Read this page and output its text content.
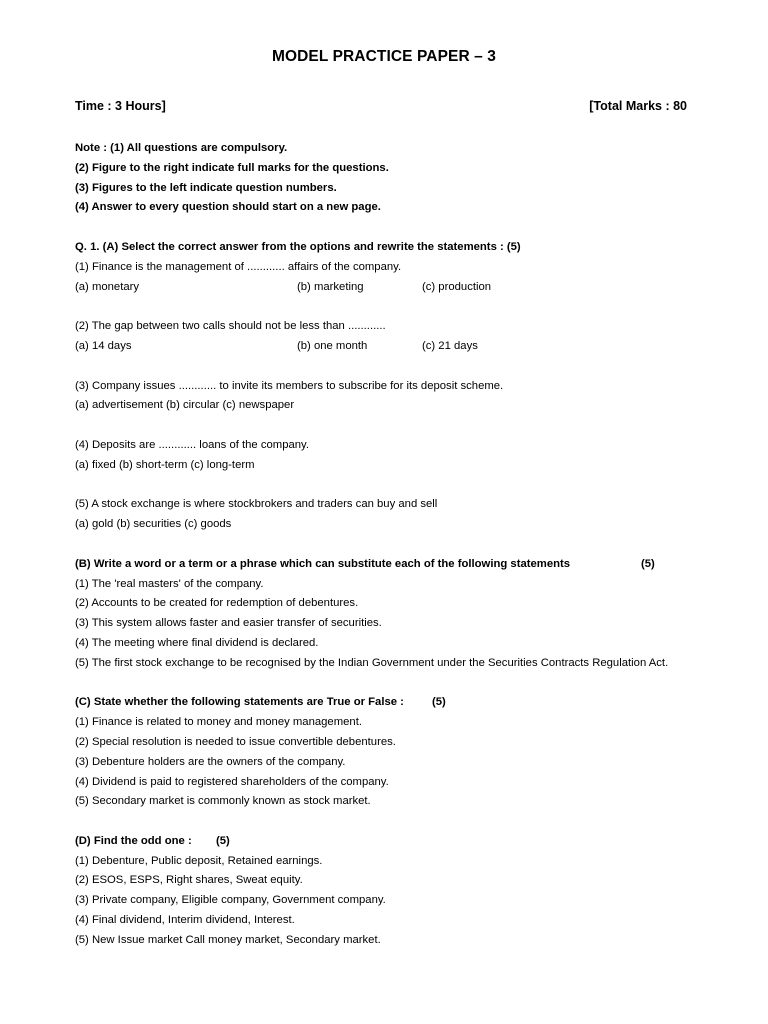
MODEL PRACTICE PAPER – 3
Time : 3 Hours]	[Total Marks : 80
Note : (1) All questions are compulsory.
(2) Figure to the right indicate full marks for the questions.
(3) Figures to the left indicate question numbers.
(4) Answer to every question should start on a new page.
Q. 1. (A) Select the correct answer from the options and rewrite the statements : (5)
(1) Finance is the management of ............ affairs of the company.
(a) monetary	(b) marketing	(c) production
(2) The gap between two calls should not be less than ............
(a) 14 days	(b) one month	(c) 21 days
(3) Company issues ............ to invite its members to subscribe for its deposit scheme.
(a) advertisement (b) circular (c) newspaper
(4) Deposits are ............ loans of the company.
(a) fixed (b) short-term (c) long-term
(5) A stock exchange is where stockbrokers and traders can buy and sell
(a) gold (b) securities (c) goods
(B) Write a word or a term or a phrase which can substitute each of the following statements	(5)
(1) The 'real masters' of the company.
(2) Accounts to be created for redemption of debentures.
(3) This system allows faster and easier transfer of securities.
(4) The meeting where final dividend is declared.
(5) The first stock exchange to be recognised by the Indian Government under the Securities Contracts Regulation Act.
(C) State whether the following statements are True or False : (5)
(1) Finance is related to money and money management.
(2) Special resolution is needed to issue convertible debentures.
(3) Debenture holders are the owners of the company.
(4) Dividend is paid to registered shareholders of the company.
(5) Secondary market is commonly known as stock market.
(D) Find the odd one : (5)
(1) Debenture, Public deposit, Retained earnings.
(2) ESOS, ESPS, Right shares, Sweat equity.
(3) Private company, Eligible company, Government company.
(4) Final dividend, Interim dividend, Interest.
(5) New Issue market Call money market, Secondary market.
